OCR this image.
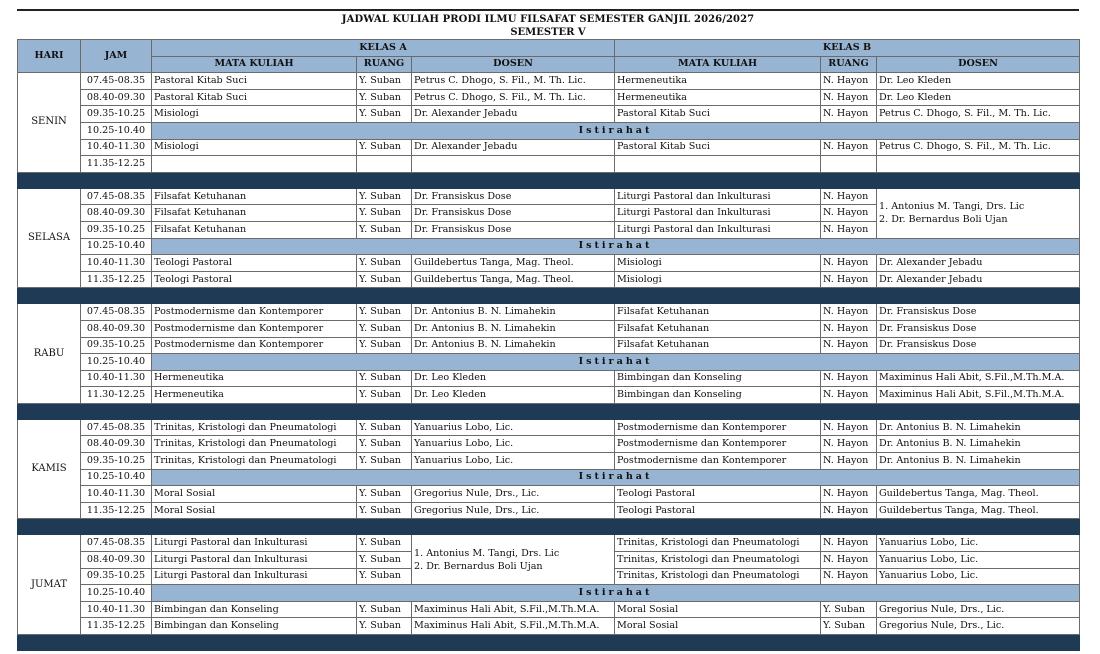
JADWAL KULIAH PRODI ILMU FILSAFAT SEMESTER GANJIL 2026/2027
SEMESTER V
HARI	JAM	KELAS A			KELAS B		
		MATA KULIAH	RUANG	DOSEN	MATA KULIAH	RUANG	DOSEN
SENIN	07.45-08.35	Pastoral Kitab Suci	Y. Suban	Petrus C. Dhogo, S. Fil., M. Th. Lic.	Hermeneutika	N. Hayon	Dr. Leo Kleden
	08.40-09.30	Pastoral Kitab Suci	Y. Suban	Petrus C. Dhogo, S. Fil., M. Th. Lic.	Hermeneutika	N. Hayon	Dr. Leo Kleden
	09.35-10.25	Misiologi	Y. Suban	Dr. Alexander Jebadu	Pastoral Kitab Suci	N. Hayon	Petrus C. Dhogo, S. Fil., M. Th. Lic.
	10.25-10.40	Istirahat					
	10.40-11.30	Misiologi	Y. Suban	Dr. Alexander Jebadu	Pastoral Kitab Suci	N. Hayon	Petrus C. Dhogo, S. Fil., M. Th. Lic.
	11.35-12.25						

SELASA	07.45-08.35	Filsafat Ketuhanan	Y. Suban	Dr. Fransiskus Dose	Liturgi Pastoral dan Inkulturasi	N. Hayon	1. Antonius M. Tangi, Drs. Lic
2. Dr. Bernardus Boli Ujan
	08.40-09.30	Filsafat Ketuhanan	Y. Suban	Dr. Fransiskus Dose	Liturgi Pastoral dan Inkulturasi	N. Hayon	
	09.35-10.25	Filsafat Ketuhanan	Y. Suban	Dr. Fransiskus Dose	Liturgi Pastoral dan Inkulturasi	N. Hayon	
	10.25-10.40	Istirahat					
	10.40-11.30	Teologi Pastoral	Y. Suban	Guildebertus Tanga, Mag. Theol.	Misiologi	N. Hayon	Dr. Alexander Jebadu
	11.35-12.25	Teologi Pastoral	Y. Suban	Guildebertus Tanga, Mag. Theol.	Misiologi	N. Hayon	Dr. Alexander Jebadu

RABU	07.45-08.35	Postmodernisme dan Kontemporer	Y. Suban	Dr. Antonius B. N. Limahekin	Filsafat Ketuhanan	N. Hayon	Dr. Fransiskus Dose
	08.40-09.30	Postmodernisme dan Kontemporer	Y. Suban	Dr. Antonius B. N. Limahekin	Filsafat Ketuhanan	N. Hayon	Dr. Fransiskus Dose
	09.35-10.25	Postmodernisme dan Kontemporer	Y. Suban	Dr. Antonius B. N. Limahekin	Filsafat Ketuhanan	N. Hayon	Dr. Fransiskus Dose
	10.25-10.40	Istirahat					
	10.40-11.30	Hermeneutika	Y. Suban	Dr. Leo Kleden	Bimbingan dan Konseling	N. Hayon	Maximinus Hali Abit, S.Fil.,M.Th.M.A.
	11.30-12.25	Hermeneutika	Y. Suban	Dr. Leo Kleden	Bimbingan dan Konseling	N. Hayon	Maximinus Hali Abit, S.Fil.,M.Th.M.A.

KAMIS	07.45-08.35	Trinitas, Kristologi dan Pneumatologi	Y. Suban	Yanuarius Lobo, Lic.	Postmodernisme dan Kontemporer	N. Hayon	Dr. Antonius B. N. Limahekin
	08.40-09.30	Trinitas, Kristologi dan Pneumatologi	Y. Suban	Yanuarius Lobo, Lic.	Postmodernisme dan Kontemporer	N. Hayon	Dr. Antonius B. N. Limahekin
	09.35-10.25	Trinitas, Kristologi dan Pneumatologi	Y. Suban	Yanuarius Lobo, Lic.	Postmodernisme dan Kontemporer	N. Hayon	Dr. Antonius B. N. Limahekin
	10.25-10.40	Istirahat					
	10.40-11.30	Moral Sosial	Y. Suban	Gregorius Nule, Drs., Lic.	Teologi Pastoral	N. Hayon	Guildebertus Tanga, Mag. Theol.
	11.35-12.25	Moral Sosial	Y. Suban	Gregorius Nule, Drs., Lic.	Teologi Pastoral	N. Hayon	Guildebertus Tanga, Mag. Theol.

JUMAT	07.45-08.35	Liturgi Pastoral dan Inkulturasi	Y. Suban	1. Antonius M. Tangi, Drs. Lic
2. Dr. Bernardus Boli Ujan	Trinitas, Kristologi dan Pneumatologi	N. Hayon	Yanuarius Lobo, Lic.
	08.40-09.30	Liturgi Pastoral dan Inkulturasi	Y. Suban		Trinitas, Kristologi dan Pneumatologi	N. Hayon	Yanuarius Lobo, Lic.
	09.35-10.25	Liturgi Pastoral dan Inkulturasi	Y. Suban		Trinitas, Kristologi dan Pneumatologi	N. Hayon	Yanuarius Lobo, Lic.
	10.25-10.40	Istirahat					
	10.40-11.30	Bimbingan dan Konseling	Y. Suban	Maximinus Hali Abit, S.Fil.,M.Th.M.A.	Moral Sosial	Y. Suban	Gregorius Nule, Drs., Lic.
	11.35-12.25	Bimbingan dan Konseling	Y. Suban	Maximinus Hali Abit, S.Fil.,M.Th.M.A.	Moral Sosial	Y. Suban	Gregorius Nule, Drs., Lic.
